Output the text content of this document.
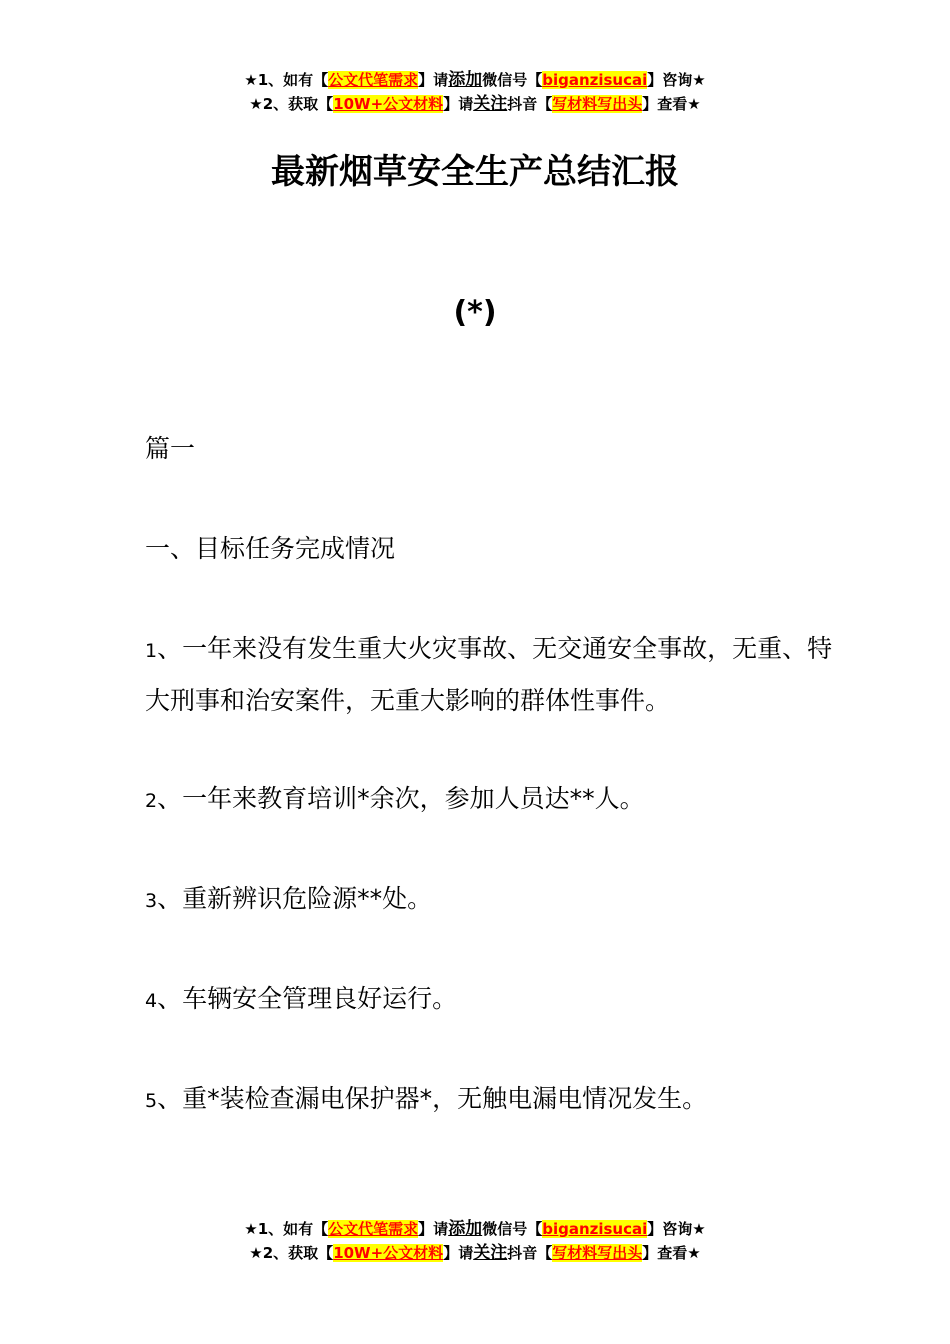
★1、如有【公文代笔需求】请添加微信号【biganzisucai】咨询★
★2、获取【10W+公文材料】请关注抖音【写材料写出头】查看★
最新烟草安全生产总结汇报
(*)
篇一
一、目标任务完成情况
1、一年来没有发生重大火灾事故、无交通安全事故，无重、特大刑事和治安案件，无重大影响的群体性事件。
2、一年来教育培训*余次，参加人员达**人。
3、重新辨识危险源**处。
4、车辆安全管理良好运行。
5、重*装检查漏电保护器*，无触电漏电情况发生。
★1、如有【公文代笔需求】请添加微信号【biganzisucai】咨询★
★2、获取【10W+公文材料】请关注抖音【写材料写出头】查看★
